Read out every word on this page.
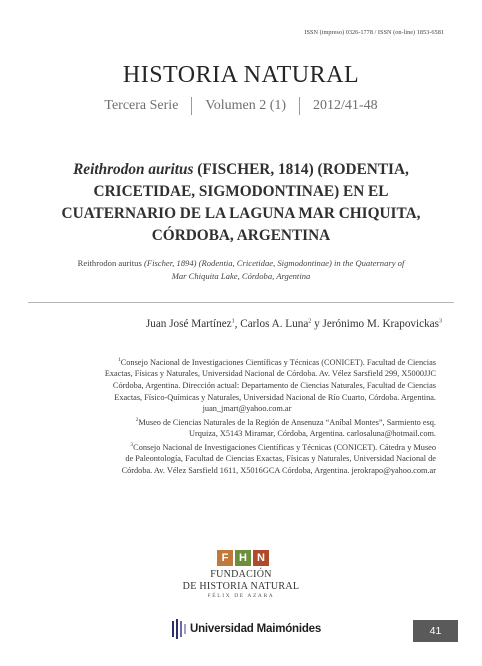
ISSN (impreso) 0326-1778 / ISSN (on-line) 1853-6581
HISTORIA NATURAL
Tercera Serie Volumen 2 (1) 2012/41-48
Reithrodon auritus (FISCHER, 1814) (RODENTIA,
CRICETIDAE, SIGMODONTINAE) EN EL
CUATERNARIO DE LA LAGUNA MAR CHIQUITA,
CÓRDOBA, ARGENTINA
Reithrodon auritus (Fischer, 1894) (Rodentia, Cricetidae, Sigmodontinae) in the Quaternary of
Mar Chiquita Lake, Córdoba, Argentina
Juan José Martínez$^1$, Carlos A. Luna$^2$ y Jerónimo M. Krapovickas$^3$

$^1$Consejo Nacional de Investigaciones Científicas y Técnicas (CONICET). Facultad de Ciencias

Exactas, Físicas y Naturales, Universidad Nacional de Córdoba. Av. Vélez Sarsfield 299, X5000JJC

Córdoba, Argentina. Dirección actual: Departamento de Ciencias Naturales, Facultad de Ciencias

Exactas, Físico-Químicas y Naturales, Universidad Nacional de Río Cuarto, Córdoba. Argentina.

juan_jmart@yahoo.com.ar

$^2$Museo de Ciencias Naturales de la Región de Ansenuza “Aníbal Montes”, Sarmiento esq.

Urquiza, X5143 Miramar, Córdoba, Argentina. carlosaluna@hotmail.com.

$^3$Consejo Nacional de Investigaciones Científicas y Técnicas (CONICET). Cátedra y Museo

de Paleontología, Facultad de Ciencias Exactas, Físicas y Naturales, Universidad Nacional de

Córdoba. Av. Vélez Sarsfield 1611, X5016GCA Córdoba, Argentina. jerokrapo@yahoo.com.ar

F H N
FUNDACIÓN
DE HISTORIA NATURAL
FÉLIX DE AZARA
Universidad Maimónides	41
